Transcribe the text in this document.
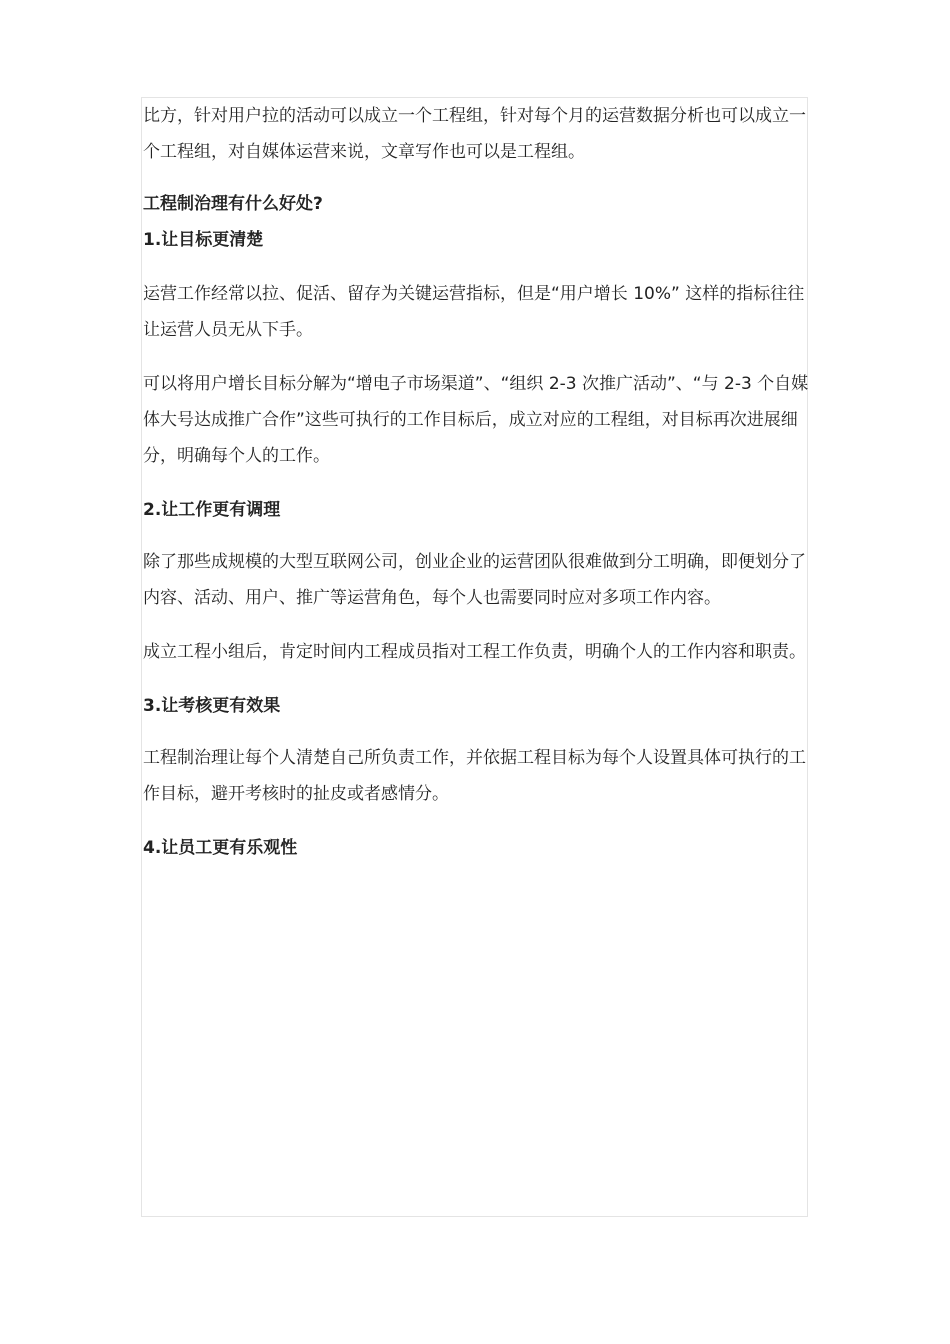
比方，针对用户拉的活动可以成立一个工程组，针对每个月的运营数据分析也可以成立一个工程组，对自媒体运营来说，文章写作也可以是工程组。

工程制治理有什么好处?

1.让目标更清楚

运营工作经常以拉、促活、留存为关键运营指标，但是“用户增长 10%” 这样的指标往往让运营人员无从下手。

可以将用户增长目标分解为“增电子市场渠道”、“组织 2-3 次推广活动”、“与 2-3 个自媒体大号达成推广合作”这些可执行的工作目标后，成立对应的工程组，对目标再次进展细分，明确每个人的工作。

2.让工作更有调理

除了那些成规模的大型互联网公司，创业企业的运营团队很难做到分工明确，即便划分了内容、活动、用户、推广等运营角色，每个人也需要同时应对多项工作内容。

成立工程小组后，肯定时间内工程成员指对工程工作负责，明确个人的工作内容和职责。

3.让考核更有效果

工程制治理让每个人清楚自己所负责工作，并依据工程目标为每个人设置具体可执行的工作目标，避开考核时的扯皮或者感情分。

4.让员工更有乐观性
